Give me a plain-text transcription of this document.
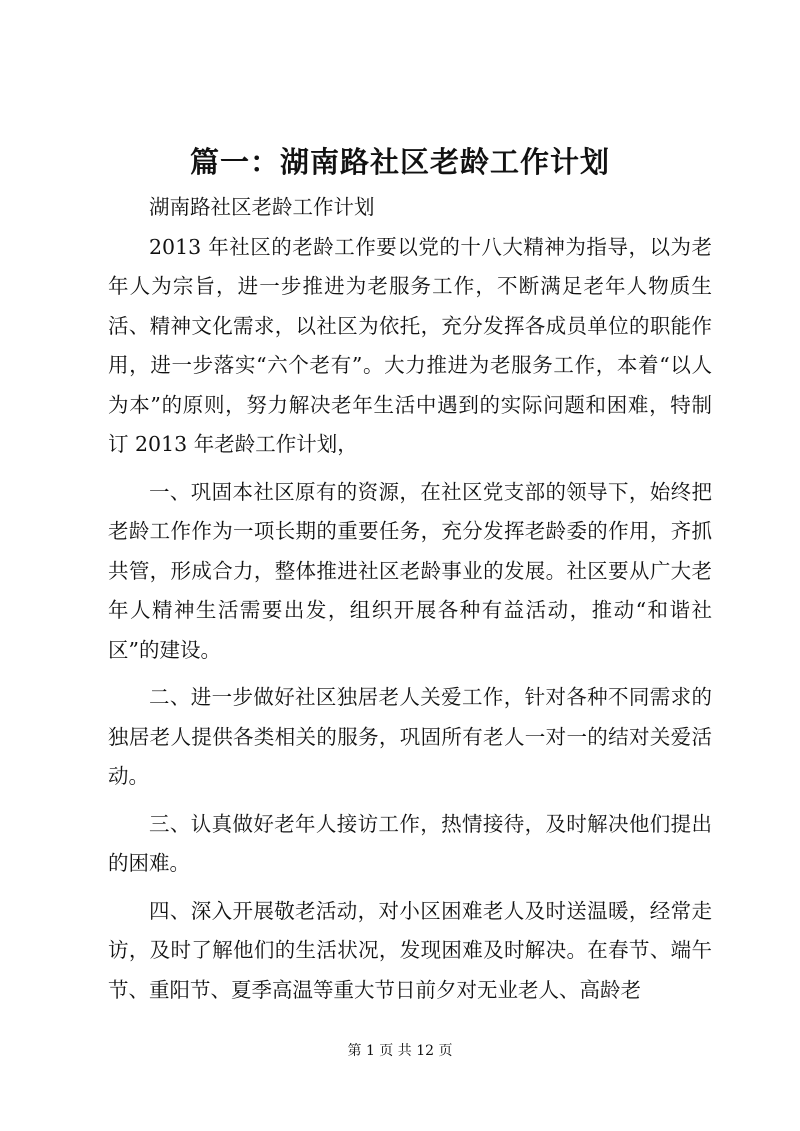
篇一：湖南路社区老龄工作计划

湖南路社区老龄工作计划

2013 年社区的老龄工作要以党的十八大精神为指导，以为老年人为宗旨，进一步推进为老服务工作，不断满足老年人物质生活、精神文化需求，以社区为依托，充分发挥各成员单位的职能作用，进一步落实“六个老有”。大力推进为老服务工作，本着“以人为本”的原则，努力解决老年生活中遇到的实际问题和困难，特制订 2013 年老龄工作计划，

一、巩固本社区原有的资源，在社区党支部的领导下，始终把老龄工作作为一项长期的重要任务，充分发挥老龄委的作用，齐抓共管，形成合力，整体推进社区老龄事业的发展。社区要从广大老年人精神生活需要出发，组织开展各种有益活动，推动“和谐社区”的建设。

二、进一步做好社区独居老人关爱工作，针对各种不同需求的独居老人提供各类相关的服务，巩固所有老人一对一的结对关爱活动。

三、认真做好老年人接访工作，热情接待，及时解决他们提出的困难。

四、深入开展敬老活动，对小区困难老人及时送温暖，经常走访，及时了解他们的生活状况，发现困难及时解决。在春节、端午节、重阳节、夏季高温等重大节日前夕对无业老人、高龄老

第 1 页 共 12 页
